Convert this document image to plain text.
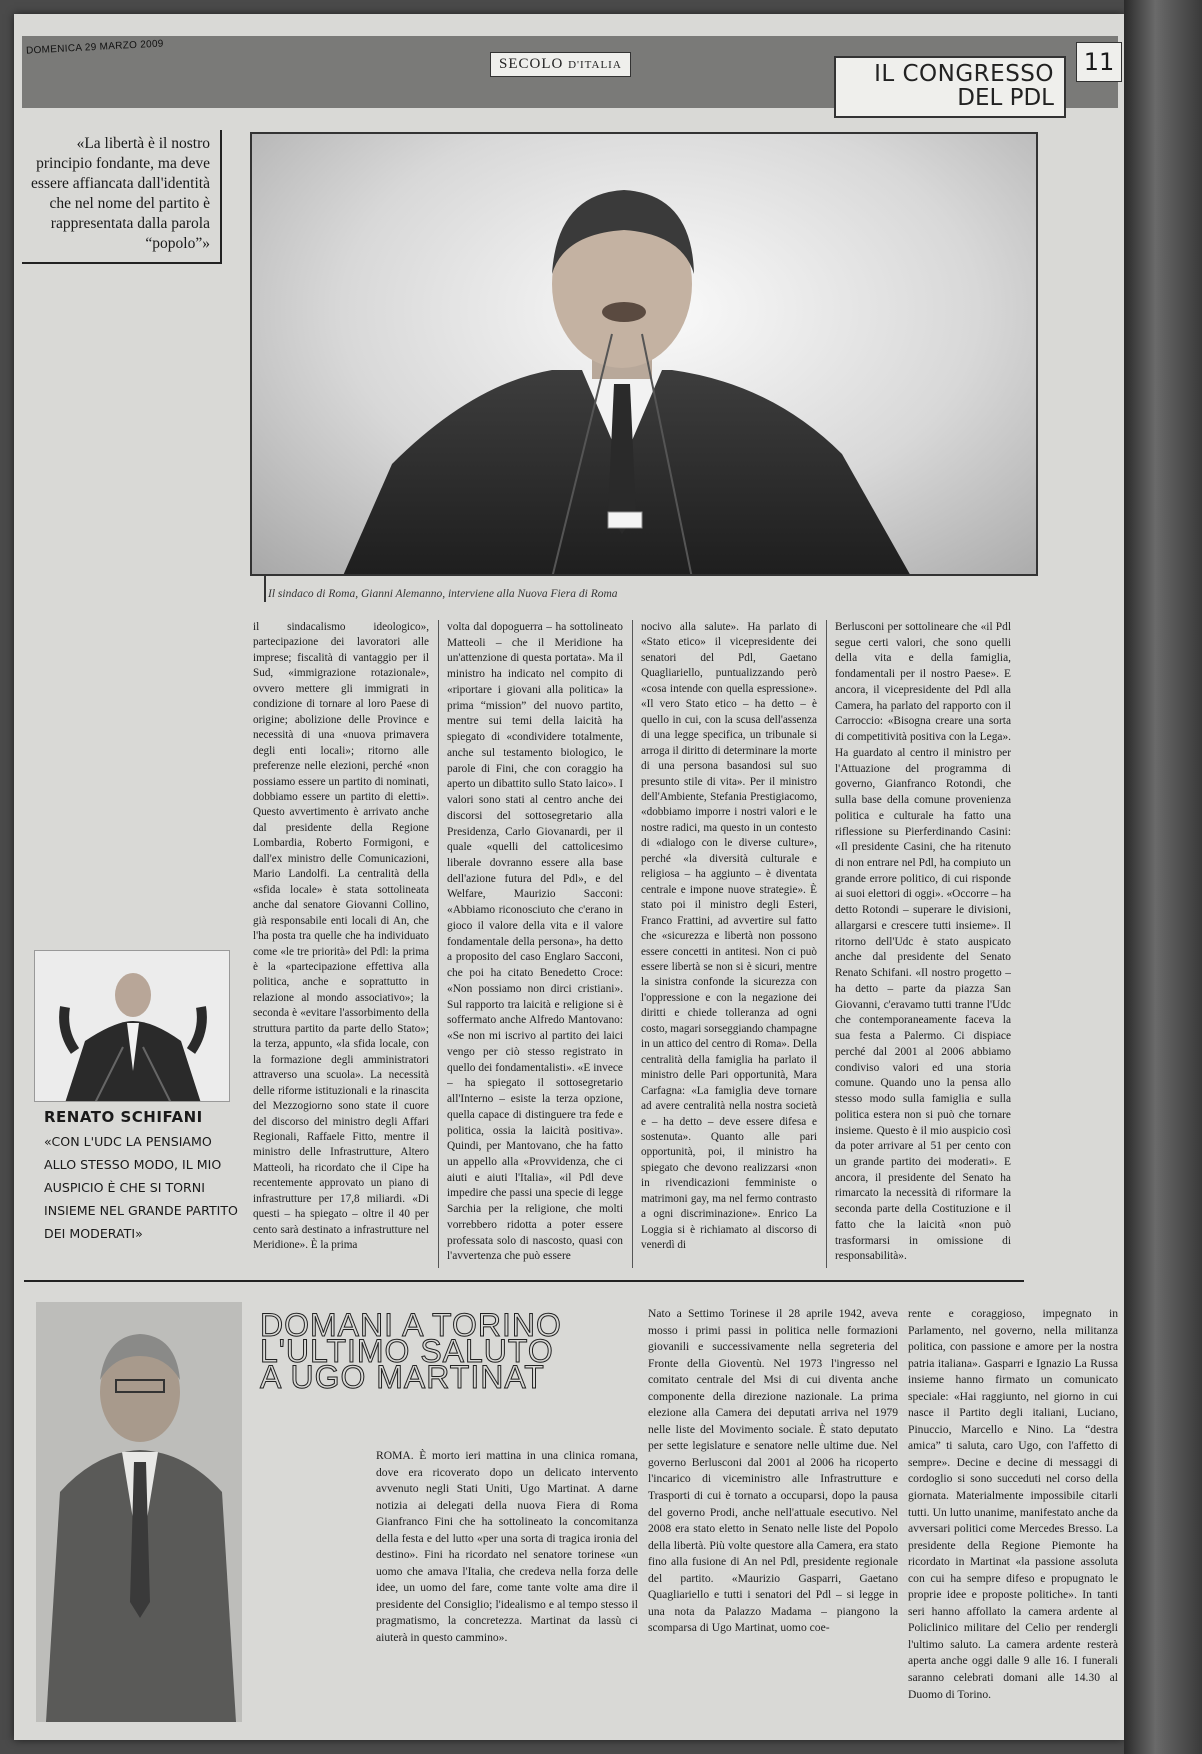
DOMENICA 29 MARZO 2009
SECOLO D'ITALIA	IL CONGRESSO
DEL PDL
11
«La libertà è il nostro principio fondante, ma deve essere affiancata dall'identità che nel nome del partito è rappresentata dalla parola “popolo”»
Il sindaco di Roma, Gianni Alemanno, interviene alla Nuova Fiera di Roma
il sindacalismo ideologico», partecipazione dei lavoratori alle imprese; fiscalità di vantaggio per il Sud, «immigrazione rotazionale», ovvero mettere gli immigrati in condizione di tornare al loro Paese di origine; abolizione delle Province e necessità di una «nuova primavera degli enti locali»; ritorno alle preferenze nelle elezioni, perché «non possiamo essere un partito di nominati, dobbiamo essere un partito di eletti». Questo avvertimento è arrivato anche dal presidente della Regione Lombardia, Roberto Formigoni, e dall'ex ministro delle Comunicazioni, Mario Landolfi. La centralità della «sfida locale» è stata sottolineata anche dal senatore Giovanni Collino, già responsabile enti locali di An, che l'ha posta tra quelle che ha individuato come «le tre priorità» del Pdl: la prima è la «partecipazione effettiva alla politica, anche e soprattutto in relazione al mondo associativo»; la seconda è «evitare l'assorbimento della struttura partito da parte dello Stato»; la terza, appunto, «la sfida locale, con la formazione degli amministratori attraverso una scuola». La necessità delle riforme istituzionali e la rinascita del Mezzogiorno sono state il cuore del discorso del ministro degli Affari Regionali, Raffaele Fitto, mentre il ministro delle Infrastrutture, Altero Matteoli, ha ricordato che il Cipe ha recentemente approvato un piano di infrastrutture per 17,8 miliardi. «Di questi – ha spiegato – oltre il 40 per cento sarà destinato a infrastrutture nel Meridione». È la prima
volta dal dopoguerra – ha sottolineato Matteoli – che il Meridione ha un'attenzione di questa portata». Ma il ministro ha indicato nel compito di «riportare i giovani alla politica» la prima “mission” del nuovo partito, mentre sui temi della laicità ha spiegato di «condividere totalmente, anche sul testamento biologico, le parole di Fini, che con coraggio ha aperto un dibattito sullo Stato laico». I valori sono stati al centro anche dei discorsi del sottosegretario alla Presidenza, Carlo Giovanardi, per il quale «quelli del cattolicesimo liberale dovranno essere alla base dell'azione futura del Pdl», e del Welfare, Maurizio Sacconi: «Abbiamo riconosciuto che c'erano in gioco il valore della vita e il valore fondamentale della persona», ha detto a proposito del caso Englaro Sacconi, che poi ha citato Benedetto Croce: «Non possiamo non dirci cristiani». Sul rapporto tra laicità e religione si è soffermato anche Alfredo Mantovano: «Se non mi iscrivo al partito dei laici vengo per ciò stesso registrato in quello dei fondamentalisti». «E invece – ha spiegato il sottosegretario all'Interno – esiste la terza opzione, quella capace di distinguere tra fede e politica, ossia la laicità positiva». Quindi, per Mantovano, che ha fatto un appello alla «Provvidenza, che ci aiuti e aiuti l'Italia», «il Pdl deve impedire che passi una specie di legge Sarchia per la religione, che molti vorrebbero ridotta a poter essere professata solo di nascosto, quasi con l'avvertenza che può essere
nocivo alla salute». Ha parlato di «Stato etico» il vicepresidente dei senatori del Pdl, Gaetano Quagliariello, puntualizzando però «cosa intende con quella espressione». «Il vero Stato etico – ha detto – è quello in cui, con la scusa dell'assenza di una legge specifica, un tribunale si arroga il diritto di determinare la morte di una persona basandosi sul suo presunto stile di vita». Per il ministro dell'Ambiente, Stefania Prestigiacomo, «dobbiamo imporre i nostri valori e le nostre radici, ma questo in un contesto di «dialogo con le diverse culture», perché «la diversità culturale e religiosa – ha aggiunto – è diventata centrale e impone nuove strategie». È stato poi il ministro degli Esteri, Franco Frattini, ad avvertire sul fatto che «sicurezza e libertà non possono essere concetti in antitesi. Non ci può essere libertà se non si è sicuri, mentre la sinistra confonde la sicurezza con l'oppressione e con la negazione dei diritti e chiede tolleranza ad ogni costo, magari sorseggiando champagne in un attico del centro di Roma». Della centralità della famiglia ha parlato il ministro delle Pari opportunità, Mara Carfagna: «La famiglia deve tornare ad avere centralità nella nostra società e – ha detto – deve essere difesa e sostenuta». Quanto alle pari opportunità, poi, il ministro ha spiegato che devono realizzarsi «non in rivendicazioni femministe o matrimoni gay, ma nel fermo contrasto a ogni discriminazione». Enrico La Loggia si è richiamato al discorso di venerdì di
Berlusconi per sottolineare che «il Pdl segue certi valori, che sono quelli della vita e della famiglia, fondamentali per il nostro Paese». E ancora, il vicepresidente del Pdl alla Camera, ha parlato del rapporto con il Carroccio: «Bisogna creare una sorta di competitività positiva con la Lega». Ha guardato al centro il ministro per l'Attuazione del programma di governo, Gianfranco Rotondi, che sulla base della comune provenienza politica e culturale ha fatto una riflessione su Pierferdinando Casini: «Il presidente Casini, che ha ritenuto di non entrare nel Pdl, ha compiuto un grande errore politico, di cui risponde ai suoi elettori di oggi». «Occorre – ha detto Rotondi – superare le divisioni, allargarsi e crescere tutti insieme». Il ritorno dell'Udc è stato auspicato anche dal presidente del Senato Renato Schifani. «Il nostro progetto – ha detto – parte da piazza San Giovanni, c'eravamo tutti tranne l'Udc che contemporaneamente faceva la sua festa a Palermo. Ci dispiace perché dal 2001 al 2006 abbiamo condiviso valori ed una storia comune. Quando uno la pensa allo stesso modo sulla famiglia e sulla politica estera non si può che tornare insieme. Questo è il mio auspicio così da poter arrivare al 51 per cento con un grande partito dei moderati». E ancora, il presidente del Senato ha rimarcato la necessità di riformare la seconda parte della Costituzione e il fatto che la laicità «non può trasformarsi in omissione di responsabilità».
RENATO SCHIFANI
«CON L'UDC LA PENSIAMO ALLO STESSO MODO, IL MIO AUSPICIO È CHE SI TORNI INSIEME NEL GRANDE PARTITO DEI MODERATI»
DOMANI A TORINO
L'ULTIMO SALUTO
A UGO MARTINAT
ROMA. È morto ieri mattina in una clinica romana, dove era ricoverato dopo un delicato intervento avvenuto negli Stati Uniti, Ugo Martinat. A darne notizia ai delegati della nuova Fiera di Roma Gianfranco Fini che ha sottolineato la concomitanza della festa e del lutto «per una sorta di tragica ironia del destino». Fini ha ricordato nel senatore torinese «un uomo che amava l'Italia, che credeva nella forza delle idee, un uomo del fare, come tante volte ama dire il presidente del Consiglio; l'idealismo e al tempo stesso il pragmatismo, la concretezza. Martinat da lassù ci aiuterà in questo cammino».
Nato a Settimo Torinese il 28 aprile 1942, aveva mosso i primi passi in politica nelle formazioni giovanili e successivamente nella segreteria del Fronte della Gioventù. Nel 1973 l'ingresso nel comitato centrale del Msi di cui diventa anche componente della direzione nazionale. La prima elezione alla Camera dei deputati arriva nel 1979 nelle liste del Movimento sociale. È stato deputato per sette legislature e senatore nelle ultime due. Nel governo Berlusconi dal 2001 al 2006 ha ricoperto l'incarico di viceministro alle Infrastrutture e Trasporti di cui è tornato a occuparsi, dopo la pausa del governo Prodi, anche nell'attuale esecutivo. Nel 2008 era stato eletto in Senato nelle liste del Popolo della libertà. Più volte questore alla Camera, era stato fino alla fusione di An nel Pdl, presidente regionale del partito. «Maurizio Gasparri, Gaetano Quagliariello e tutti i senatori del Pdl – si legge in una nota da Palazzo Madama – piangono la scomparsa di Ugo Martinat, uomo coe-
rente e coraggioso, impegnato in Parlamento, nel governo, nella militanza politica, con passione e amore per la nostra patria italiana». Gasparri e Ignazio La Russa insieme hanno firmato un comunicato speciale: «Hai raggiunto, nel giorno in cui nasce il Partito degli italiani, Luciano, Pinuccio, Marcello e Nino. La “destra amica” ti saluta, caro Ugo, con l'affetto di sempre». Decine e decine di messaggi di cordoglio si sono succeduti nel corso della giornata. Materialmente impossibile citarli tutti. Un lutto unanime, manifestato anche da avversari politici come Mercedes Bresso. La presidente della Regione Piemonte ha ricordato in Martinat «la passione assoluta con cui ha sempre difeso e propugnato le proprie idee e proposte politiche». In tanti seri hanno affollato la camera ardente al Policlinico militare del Celio per rendergli l'ultimo saluto. La camera ardente resterà aperta anche oggi dalle 9 alle 16. I funerali saranno celebrati domani alle 14.30 al Duomo di Torino.
